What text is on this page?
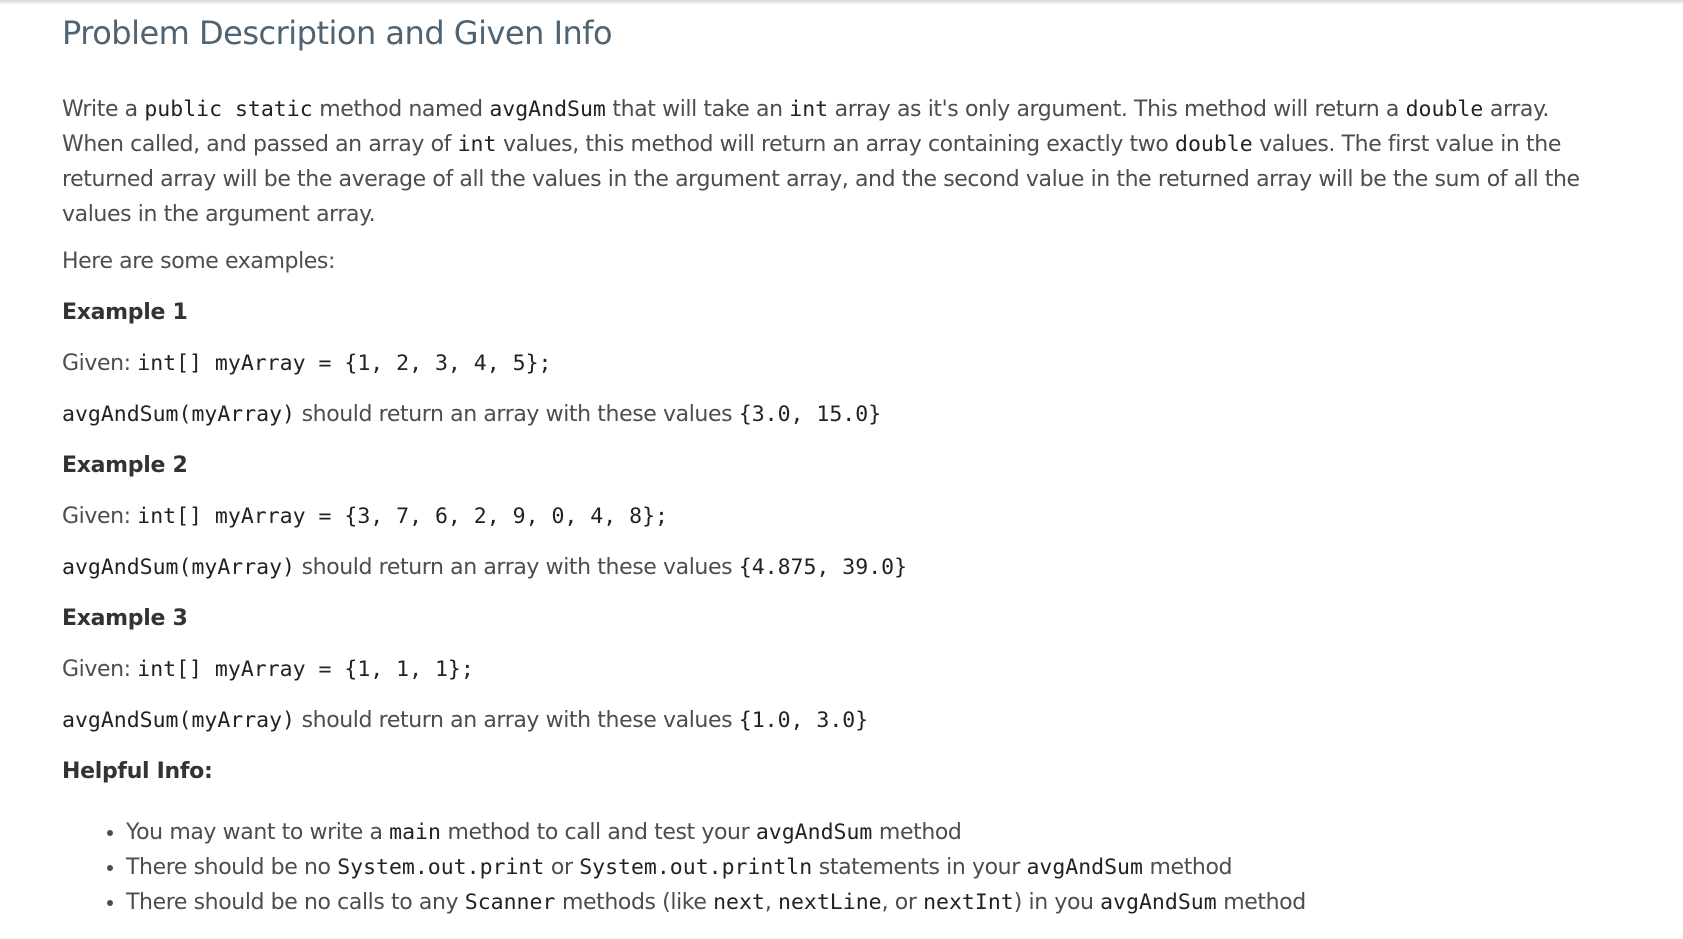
Problem Description and Given Info

Write a public static method named avgAndSum that will take an int array as it's only argument. This method will return a double array. When called, and passed an array of int values, this method will return an array containing exactly two double values. The first value in the returned array will be the average of all the values in the argument array, and the second value in the returned array will be the sum of all the values in the argument array.

Here are some examples:

Example 1

Given: int[] myArray = {1, 2, 3, 4, 5};

avgAndSum(myArray) should return an array with these values {3.0, 15.0}

Example 2

Given: int[] myArray = {3, 7, 6, 2, 9, 0, 4, 8};

avgAndSum(myArray) should return an array with these values {4.875, 39.0}

Example 3

Given: int[] myArray = {1, 1, 1};

avgAndSum(myArray) should return an array with these values {1.0, 3.0}

Helpful Info:

• You may want to write a main method to call and test your avgAndSum method
• There should be no System.out.print or System.out.println statements in your avgAndSum method
• There should be no calls to any Scanner methods (like next, nextLine, or nextInt) in you avgAndSum method
